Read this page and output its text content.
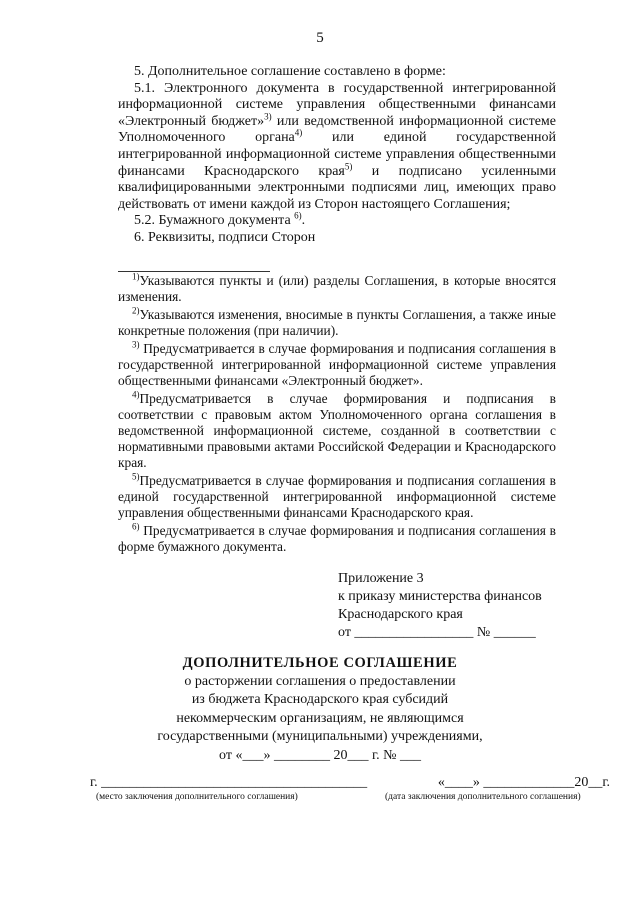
5

5. Дополнительное соглашение составлено в форме:

5.1. Электронного документа в государственной интегрированной информационной системе управления общественными финансами «Электронный бюджет»$^{3)}$ или ведомственной информационной системе Уполномоченного органа$^{4)}$ или единой государственной интегрированной информационной системе управления общественными финансами Краснодарского края$^{5)}$ и подписано усиленными квалифицированными электронными подписями лиц, имеющих право действовать от имени каждой из Сторон настоящего Соглашения;

5.2. Бумажного документа $^{6)}$.

6. Реквизиты, подписи Сторон

$^{1)}$Указываются пункты и (или) разделы Соглашения, в которые вносятся изменения.

$^{2)}$Указываются изменения, вносимые в пункты Соглашения, а также иные конкретные положения (при наличии).

$^{3)}$ Предусматривается в случае формирования и подписания соглашения в государственной интегрированной информационной системе управления общественными финансами «Электронный бюджет».

$^{4)}$Предусматривается в случае формирования и подписания в соответствии с правовым актом Уполномоченного органа соглашения в ведомственной информационной системе, созданной в соответствии с нормативными правовыми актами Российской Федерации и Краснодарского края.

$^{5)}$Предусматривается в случае формирования и подписания соглашения в единой государственной интегрированной информационной системе управления общественными финансами Краснодарского края.

$^{6)}$ Предусматривается в случае формирования и подписания соглашения в форме бумажного документа.

Приложение 3
к приказу министерства финансов
Краснодарского края
от _________________ № ______
ДОПОЛНИТЕЛЬНОЕ СОГЛАШЕНИЕ
о расторжении соглашения о предоставлении
из бюджета Краснодарского края субсидий
некоммерческим организациям, не являющимся
государственными (муниципальными) учреждениями,
от «___» ________ 20___ г. № ___
г. ______________________________________	«____» _____________20__г.
(место заключения дополнительного соглашения)	(дата заключения дополнительного соглашения)
